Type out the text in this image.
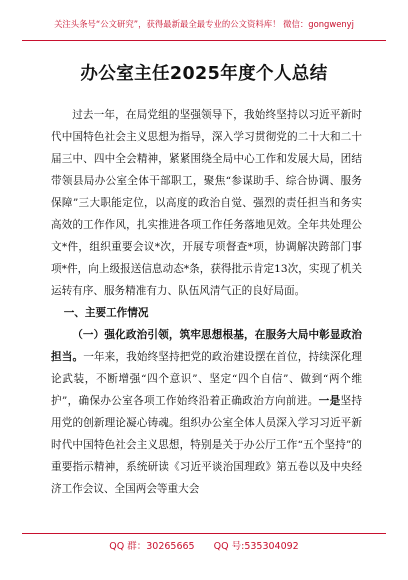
关注头条号“公文研究”，获得最新最全最专业的公文资料库！ 微信：gongwenyj
办公室主任2025年度个人总结

过去一年，在局党组的坚强领导下，我始终坚持以习近平新时代中国特色社会主义思想为指导，深入学习贯彻党的二十大和二十届三中、四中全会精神，紧紧围绕全局中心工作和发展大局，团结带领县局办公室全体干部职工，聚焦“参谋助手、综合协调、服务保障”三大职能定位，以高度的政治自觉、强烈的责任担当和务实高效的工作作风，扎实推进各项工作任务落地见效。全年共处理公文*件，组织重要会议*次，开展专项督查*项，协调解决跨部门事项*件，向上级报送信息动态*条，获得批示肯定13次，实现了机关运转有序、服务精准有力、队伍风清气正的良好局面。

一、主要工作情况

（一）强化政治引领，筑牢思想根基，在服务大局中彰显政治担当。一年来，我始终坚持把党的政治建设摆在首位，持续深化理论武装，不断增强“四个意识”、坚定“四个自信”、做到“两个维护”，确保办公室各项工作始终沿着正确政治方向前进。一是坚持用党的创新理论凝心铸魂。组织办公室全体人员深入学习习近平新时代中国特色社会主义思想，特别是关于办公厅工作“五个坚持”的重要指示精神，系统研读《习近平谈治国理政》第五卷以及中央经济工作会议、全国两会等重大会

QQ 群：30265665 QQ 号:535304092
